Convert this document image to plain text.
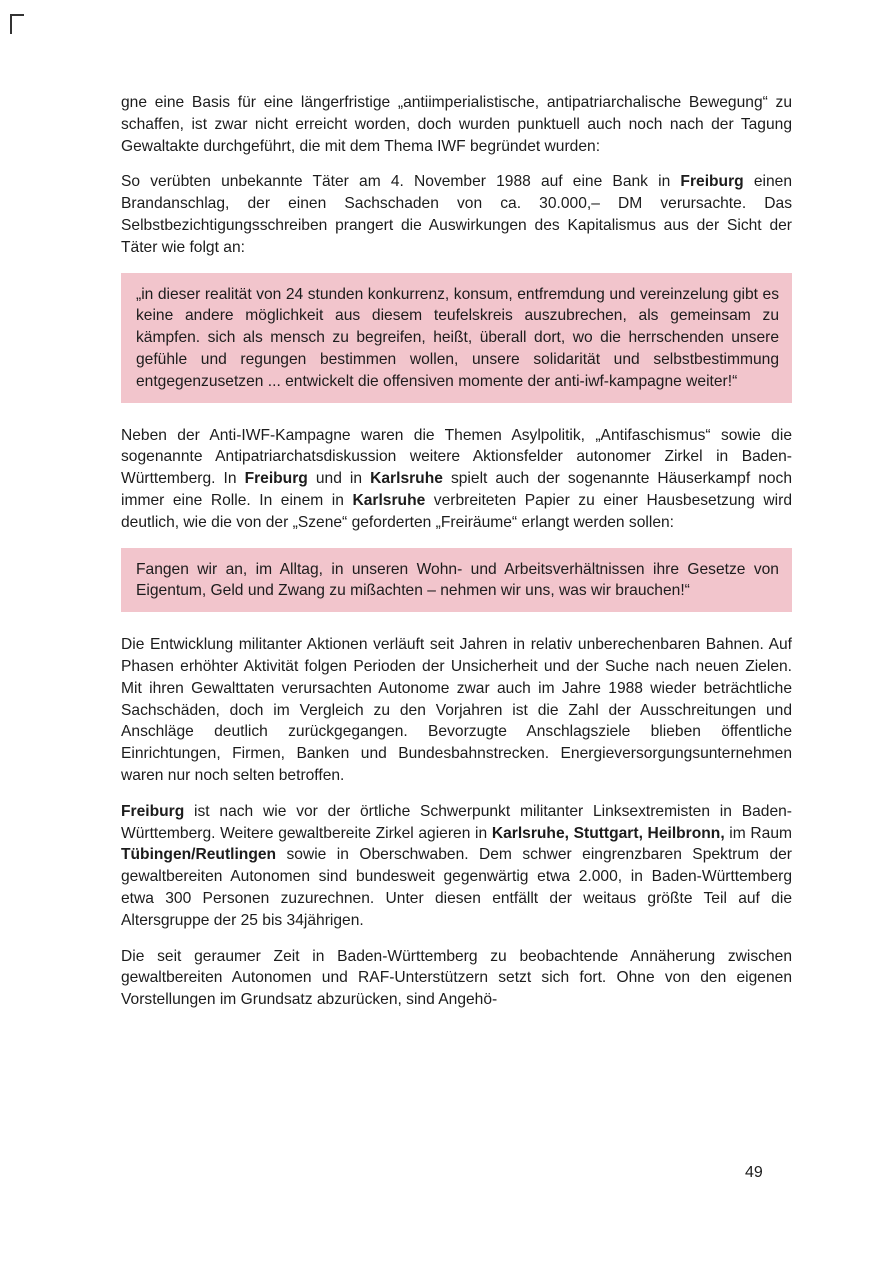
gne eine Basis für eine längerfristige „antiimperialistische, antipatriarchalische Bewegung“ zu schaffen, ist zwar nicht erreicht worden, doch wurden punktuell auch noch nach der Tagung Gewaltakte durchgeführt, die mit dem Thema IWF begründet wurden:

So verübten unbekannte Täter am 4. November 1988 auf eine Bank in Freiburg einen Brandanschlag, der einen Sachschaden von ca. 30.000,– DM verursachte. Das Selbstbezichtigungsschreiben prangert die Auswirkungen des Kapitalismus aus der Sicht der Täter wie folgt an:

„in dieser realität von 24 stunden konkurrenz, konsum, entfremdung und vereinzelung gibt es keine andere möglichkeit aus diesem teufelskreis auszubrechen, als gemeinsam zu kämpfen. sich als mensch zu begreifen, heißt, überall dort, wo die herrschenden unsere gefühle und regungen bestimmen wollen, unsere solidarität und selbstbestimmung entgegenzusetzen ... entwickelt die offensiven momente der anti-iwf-kampagne weiter!“

Neben der Anti-IWF-Kampagne waren die Themen Asylpolitik, „Antifaschismus“ sowie die sogenannte Antipatriarchatsdiskussion weitere Aktionsfelder autonomer Zirkel in Baden-Württemberg. In Freiburg und in Karlsruhe spielt auch der sogenannte Häuserkampf noch immer eine Rolle. In einem in Karlsruhe verbreiteten Papier zu einer Hausbesetzung wird deutlich, wie die von der „Szene“ geforderten „Freiräume“ erlangt werden sollen:

Fangen wir an, im Alltag, in unseren Wohn- und Arbeitsverhältnissen ihre Gesetze von Eigentum, Geld und Zwang zu mißachten – nehmen wir uns, was wir brauchen!“

Die Entwicklung militanter Aktionen verläuft seit Jahren in relativ unberechenbaren Bahnen. Auf Phasen erhöhter Aktivität folgen Perioden der Unsicherheit und der Suche nach neuen Zielen. Mit ihren Gewalttaten verursachten Autonome zwar auch im Jahre 1988 wieder beträchtliche Sachschäden, doch im Vergleich zu den Vorjahren ist die Zahl der Ausschreitungen und Anschläge deutlich zurückgegangen. Bevorzugte Anschlagsziele blieben öffentliche Einrichtungen, Firmen, Banken und Bundesbahnstrecken. Energieversorgungsunternehmen waren nur noch selten betroffen.

Freiburg ist nach wie vor der örtliche Schwerpunkt militanter Linksextremisten in Baden-Württemberg. Weitere gewaltbereite Zirkel agieren in Karlsruhe, Stuttgart, Heilbronn, im Raum Tübingen/Reutlingen sowie in Oberschwaben. Dem schwer eingrenzbaren Spektrum der gewaltbereiten Autonomen sind bundesweit gegenwärtig etwa 2.000, in Baden-Württemberg etwa 300 Personen zuzurechnen. Unter diesen entfällt der weitaus größte Teil auf die Altersgruppe der 25 bis 34jährigen.

Die seit geraumer Zeit in Baden-Württemberg zu beobachtende Annäherung zwischen gewaltbereiten Autonomen und RAF-Unterstützern setzt sich fort. Ohne von den eigenen Vorstellungen im Grundsatz abzurücken, sind Angehö-

49
